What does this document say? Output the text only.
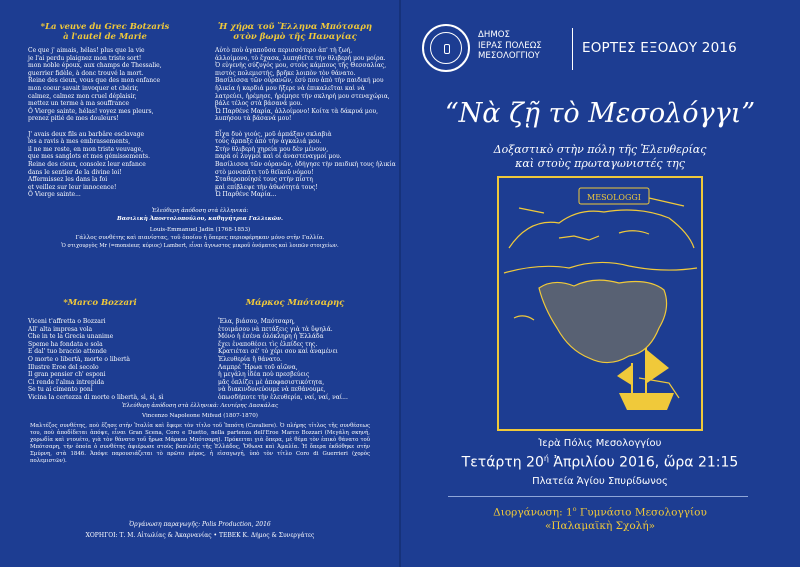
*La veuve du Grec Botzaris
à l'autel de Marie
Ἡ χήρα τοῦ Ἕλληνα Μπότσαρη
στὸν βωμὸ τῆς Παναγίας
Ce que j' aimais, hélas! plus que la vie
je l'ai perdu plaignez mon triste sort!
mon noble époux, aux champs de Thessalie,
guerrier fidèle, à donc trouvé la mort.
Reine des cieux, vous que des mon enfance
mon coeur savait invoquer et chérir,
calmez, calmez mon cruel déplaisir,
mettez un terme à ma souffrance
Ô Vierge sainte, hélas! voyez mes pleurs,
prenez pitié de mes douleurs!
J' avais deux fils au barbâre esclavage
les a ravis à mes embrassements,
il ne me reste, en mon triste veuvage,
que mes sanglots et mes gémissements.
Reine des cieux, consolez leur enfance
dans le sentier de la divine loi!
Affermissez les dans la foi
et veillez sur leur innocence!
Ô Vierge sainte...
Αὐτὸ ποὺ ἀγαποῦσα περισσότερο ἀπ' τὴ ζωή,
ἀλλοίμονο, τὸ ἔχασα, λυπηθεῖτε τὴν θλιβερή μου μοίρα.
Ὁ εὐγενὴς σύζυγός μου, στοὺς κάμπους τῆς Θεσσαλίας,
πιστὸς πολεμιστής, βρῆκε λοιπὸν τὸν θάνατο.
Βασίλισσα τῶν οὐρανῶν, ἐσύ που ἀπὸ τὴν παιδική μου
ἡλικία ἡ καρδιά μου ἤξερε νὰ ἐπικαλεῖται καὶ νὰ
λατρεύει, ἡρέμησε, ἡρέμησε τὴν σκληρή μου στεναχώρια,
βάλε τέλος στὰ βάσανά μου.
Ὦ Παρθένε Μαρία, ἀλλοίμονο! Κοίτα τὰ δάκρυά μου,
λυπήσου τὰ βάσανά μου!
Εἶχα δυὸ γιούς, μοῦ ἁρπάξαν σκλαβιὰ
τοὺς ἅρπαξε ἀπὸ τὴν ἀγκαλιά μου.
Στὴν θλιβερὴ χηρεία μου δὲν μένουν,
παρὰ οἱ λυγμοὶ καὶ οἱ ἀναστεναγμοί μου.
Βασίλισσα τῶν οὐρανῶν, ὁδήγησε τὴν παιδικὴ τους ἡλικία
στὸ μονοπάτι τοῦ θεϊκοῦ νόμου!
Σταθεροποίησέ τους στὴν πίστη
καὶ επίβλεψε τὴν ἀθωότητά τους!
Ὦ Παρθένε Μαρία...
Ἐλεύθερη ἀπόδοση στὰ ἑλληνικά:
Βασιλικὴ Ἀποστολοπούλου, καθηγήτρια Γαλλικῶν.
Louis-Emmanuel Jadin (1768-1853)
Γάλλος συνθέτης καὶ πιανίστας, τοῦ ὁποίου ἡ ὄπερες περιοφέρηκαν μόνο στὴν Γαλλία.
Ὁ στιχουργὸς Mr (=monsieur, κύριος) Lambert, εἶναι ἄγνωστος μικροῦ ὀνόματος καὶ λοιπῶν στοιχείων.
*Marco Bozzari	Μάρκος Μπότσαρης
Viceni t'affretta o Bozzari
All' alta impresa vola
Che in te la Grecia unanime
Speme ha fondata e sola
E dal' tuo braccio attende
O morte o libertà, morte o libertà
Illustre Eroe del secolo
Il gran pensier ch' esponi
Ci rende l'alma intrepida
Se tu ai cimento poni
Vicina la certezza di morte o libertà, sì, sì, sì
Ἔλα, βιάσου, Μπότσαρη,
ἐτοιμάσου νὰ πετάξεις γιὰ τὰ ὕψηλά.
Μόνο ἡ ἐσένα ὁλόκληρη ἡ Ἑλλάδα
ἔχει ἐναποθέσει τὶς ἐλπίδες της.
Κρατιέται σὲ' τὸ χέρι σου καὶ ἀναμένει
Ἐλευθερία ἢ θάνατο.
Λαμπρέ Ἥρωα τοῦ αἰῶνα,
ἡ μεγάλη ἰδέα ποὺ πρεσβεύεις
μᾶς ὀπλίζει μὲ ἀποφασιστικότητα,
νὰ διακινδυνεύουμε νὰ πεθάνουμε,
ὁπωσδήποτε τὴν ἐλευθερία, ναί, ναί, ναί...
Ἐλεύθερη ἀπόδοση στὰ ἑλληνικά: Λευτέρης Δασκάλας
Vincenzo Napoleone Mifsud (1807-1870)
Μαλτέζος συνθέτης, ποὺ ἔζησε στὴν Ἰταλία καὶ ἔφερε τὸν τίτλο τοῦ Ἱππότη (Cavaliere). Ὁ πλήρης τίτλος τῆς συνθέσεως του, ποὺ ἀποδίδεται ἀπόψε, εἶναι Gran Scena, Coro e Duetto, nella partenza dell'Eroe Marco Bozzari (Μεγάλη σκηνή, χορωδία καὶ ντουέτο, γιὰ τὸν θάνατο τοῦ ἥρωα Μάρκου Μπότσαρη). Πρόκειται γιὰ ὄπερα, μὲ θέμα τὸν ἐπικὸ θάνατο τοῦ Μπότσαρη, τὴν ὁποία ὁ συνθέτης ἀφιέρωσε στοὺς βασιλεῖς τῆς Ἑλλάδος, Ὄθωνα καὶ Ἀμαλία. Ἡ ὄπερα ἐκδόθηκε στὴν Σμύρνη, στὰ 1846. Ἀπόψε παρουσιάζεται τὸ πρῶτο μέρος, ἡ εἰσαγωγή, ὑπὸ τὸν τίτλο Coro di Guerrieri (χορὸς πολεμιστῶν).
Ὀργάνωση παραγωγῆς: Polis Production, 2016
ΧΟΡΗΓΟΙ: Τ. Μ. Αἰτωλίας & Ἀκαρνανίας • ΤΕΒΕΚ Κ. Δήμος & Συνεργάτες
ΔΗΜΟΣ
ΙΕΡΑΣ ΠΟΛΕΩΣ
ΜΕΣΟΛΟΓΓΙΟΥ	ΕΟΡΤΕΣ ΕΞΟΔΟΥ 2016
“Νὰ ζῇ τὸ Μεσολόγγι”
Δοξαστικὸ στὴν πόλη τῆς Ἐλευθερίας
καὶ στοὺς πρωταγωνιστές της
MESOLOGGI
Ἱερὰ Πόλις Μεσολογγίου
Τετάρτη $20^ή$ Ἀπριλίου 2016, ὥρα 21:15
Πλατεία Ἁγίου Σπυρίδωνος
Διοργάνωση: $1^o$ Γυμνάσιο Μεσολογγίου
«Παλαμαϊκὴ Σχολή»
